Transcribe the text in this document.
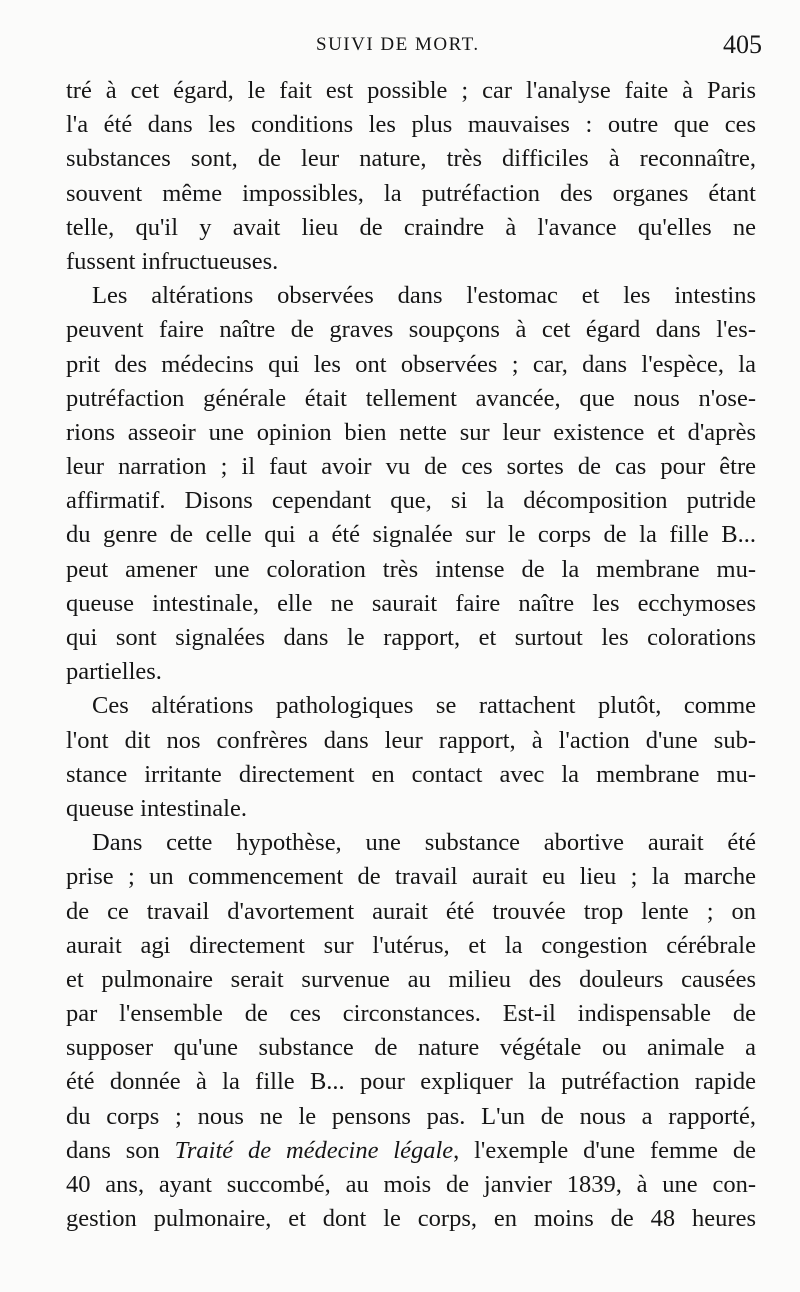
SUIVI DE MORT.	405
tré à cet égard, le fait est possible ; car l'analyse faite à Paris
l'a été dans les conditions les plus mauvaises : outre que ces
substances sont, de leur nature, très difficiles à reconnaître,
souvent même impossibles, la putréfaction des organes étant
telle, qu'il y avait lieu de craindre à l'avance qu'elles ne
fussent infructueuses.
Les altérations observées dans l'estomac et les intestins
peuvent faire naître de graves soupçons à cet égard dans l'es-
prit des médecins qui les ont observées ; car, dans l'espèce, la
putréfaction générale était tellement avancée, que nous n'ose-
rions asseoir une opinion bien nette sur leur existence et d'après
leur narration ; il faut avoir vu de ces sortes de cas pour être
affirmatif. Disons cependant que, si la décomposition putride
du genre de celle qui a été signalée sur le corps de la fille B...
peut amener une coloration très intense de la membrane mu-
queuse intestinale, elle ne saurait faire naître les ecchymoses
qui sont signalées dans le rapport, et surtout les colorations
partielles.
Ces altérations pathologiques se rattachent plutôt, comme
l'ont dit nos confrères dans leur rapport, à l'action d'une sub-
stance irritante directement en contact avec la membrane mu-
queuse intestinale.
Dans cette hypothèse, une substance abortive aurait été
prise ; un commencement de travail aurait eu lieu ; la marche
de ce travail d'avortement aurait été trouvée trop lente ; on
aurait agi directement sur l'utérus, et la congestion cérébrale
et pulmonaire serait survenue au milieu des douleurs causées
par l'ensemble de ces circonstances. Est-il indispensable de
supposer qu'une substance de nature végétale ou animale a
été donnée à la fille B... pour expliquer la putréfaction rapide
du corps ; nous ne le pensons pas. L'un de nous a rapporté,
dans son Traité de médecine légale, l'exemple d'une femme de
40 ans, ayant succombé, au mois de janvier 1839, à une con-
gestion pulmonaire, et dont le corps, en moins de 48 heures
